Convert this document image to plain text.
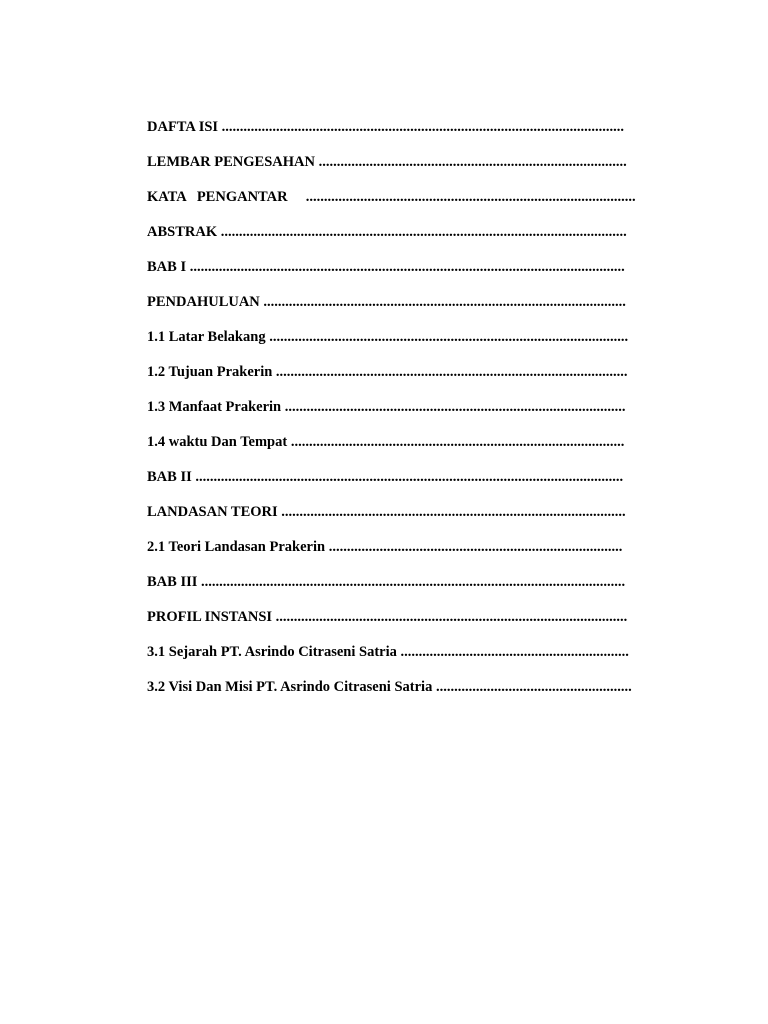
DAFTA ISI ...............................................................................................................
LEMBAR PENGESAHAN .....................................................................................
KATA   PENGANTAR     ...........................................................................................
ABSTRAK ................................................................................................................
BAB I ........................................................................................................................
PENDAHULUAN ....................................................................................................
1.1 Latar Belakang ...................................................................................................
1.2 Tujuan Prakerin .................................................................................................
1.3 Manfaat Prakerin ..............................................................................................
1.4 waktu Dan Tempat ............................................................................................
BAB II ......................................................................................................................
LANDASAN TEORI ...............................................................................................
2.1 Teori Landasan Prakerin .................................................................................
BAB III .....................................................................................................................
PROFIL INSTANSI .................................................................................................
3.1 Sejarah PT. Asrindo Citraseni Satria ...............................................................
3.2 Visi Dan Misi PT. Asrindo Citraseni Satria ......................................................
